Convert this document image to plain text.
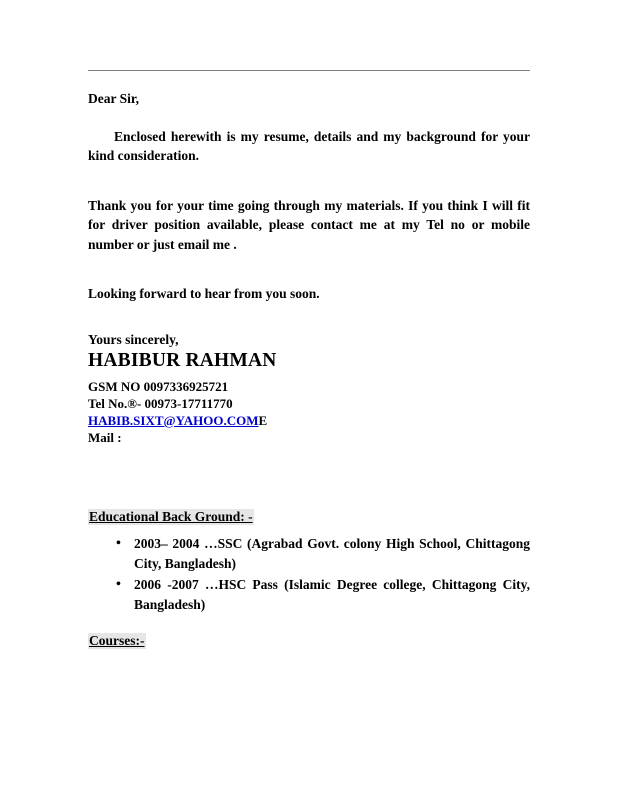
Dear Sir,

Enclosed herewith is my resume, details and my background for your kind consideration.

Thank you for your time going through my materials. If you think I will fit for driver position available, please contact me at my Tel no or mobile number or just email me .

Looking forward to hear from you soon.

Yours sincerely,

HABIBUR RAHMAN

GSM NO 0097336925721

Tel No.®- 00973-17711770

HABIB.SIXT@YAHOO.COME

Mail :

Educational Back Ground: -

• 2003– 2004 …SSC (Agrabad Govt. colony High School, Chittagong City, Bangladesh)
• 2006 -2007 …HSC Pass (Islamic Degree college, Chittagong City, Bangladesh)

Courses:-
